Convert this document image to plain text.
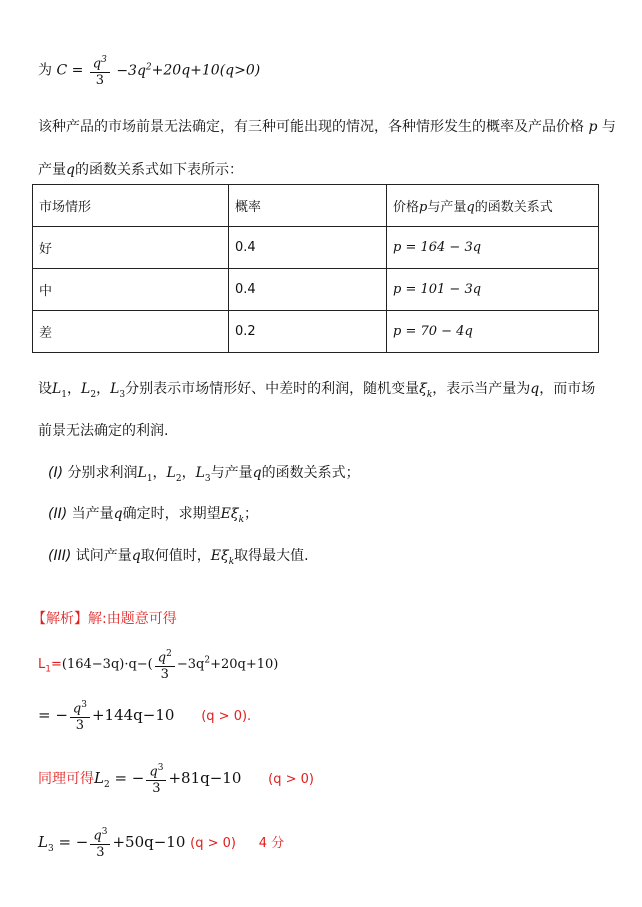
为 $C = \frac{q^3}{3} -3q^2+20q+10(q>0)$
该种产品的市场前景无法确定，有三种可能出现的情况，各种情形发生的概率及产品价格 p 与
产量q的函数关系式如下表所示：
市场情形	概率	价格p与产量q的函数关系式
好	0.4	p = 164 − 3q
中	0.4	p = 101 − 3q
差	0.2	p = 70 − 4q
设$L_1$，$L_2$，$L_3$分别表示市场情形好、中差时的利润，随机变量$\xi_k$，表示当产量为q，而市场
前景无法确定的利润.
(I) 分别求利润$L_1$，$L_2$，$L_3$与产量q的函数关系式；
(II) 当产量q确定时，求期望$E\xi_k$；
(III) 试问产量q取何值时，$E\xi_k$取得最大值.
【解析】解:由题意可得
$L_1=(164-3q)\cdot q-( \frac{q^2}{3} -3q^2+20q+10)$
= − $\frac{q^3}{3} +144q-10$ (q > 0).
同理可得$L_2$ = − $\frac{q^3}{3} +81q-10$ (q > 0)
$L_3$ = − $\frac{q^3}{3} +50q-10$ (q > 0) 4 分
